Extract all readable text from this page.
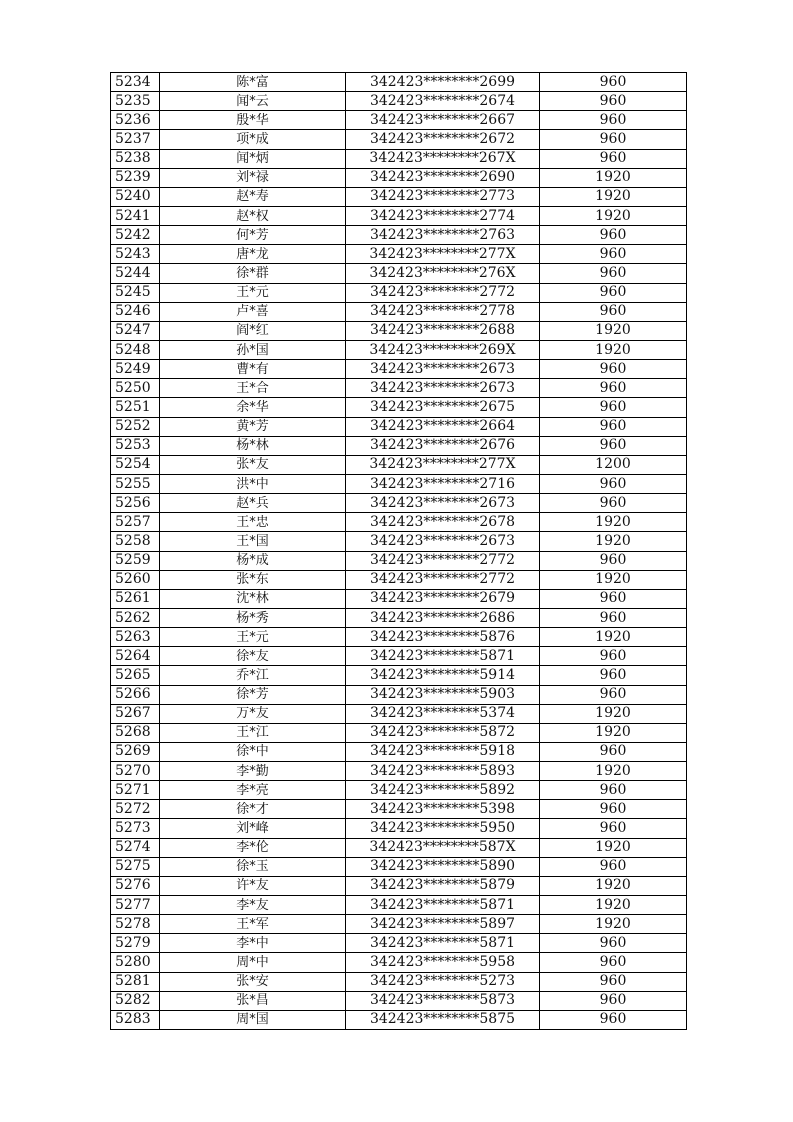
5234	陈*富	342423********2699	960
5235	闻*云	342423********2674	960
5236	殷*华	342423********2667	960
5237	项*成	342423********2672	960
5238	闻*炳	342423********267X	960
5239	刘*禄	342423********2690	1920
5240	赵*寿	342423********2773	1920
5241	赵*权	342423********2774	1920
5242	何*芳	342423********2763	960
5243	唐*龙	342423********277X	960
5244	徐*群	342423********276X	960
5245	王*元	342423********2772	960
5246	卢*喜	342423********2778	960
5247	阎*红	342423********2688	1920
5248	孙*国	342423********269X	1920
5249	曹*有	342423********2673	960
5250	王*合	342423********2673	960
5251	余*华	342423********2675	960
5252	黄*芳	342423********2664	960
5253	杨*林	342423********2676	960
5254	张*友	342423********277X	1200
5255	洪*中	342423********2716	960
5256	赵*兵	342423********2673	960
5257	王*忠	342423********2678	1920
5258	王*国	342423********2673	1920
5259	杨*成	342423********2772	960
5260	张*东	342423********2772	1920
5261	沈*林	342423********2679	960
5262	杨*秀	342423********2686	960
5263	王*元	342423********5876	1920
5264	徐*友	342423********5871	960
5265	乔*江	342423********5914	960
5266	徐*芳	342423********5903	960
5267	万*友	342423********5374	1920
5268	王*江	342423********5872	1920
5269	徐*中	342423********5918	960
5270	李*勤	342423********5893	1920
5271	李*亮	342423********5892	960
5272	徐*才	342423********5398	960
5273	刘*峰	342423********5950	960
5274	李*伦	342423********587X	1920
5275	徐*玉	342423********5890	960
5276	许*友	342423********5879	1920
5277	李*友	342423********5871	1920
5278	王*军	342423********5897	1920
5279	李*中	342423********5871	960
5280	周*中	342423********5958	960
5281	张*安	342423********5273	960
5282	张*昌	342423********5873	960
5283	周*国	342423********5875	960
